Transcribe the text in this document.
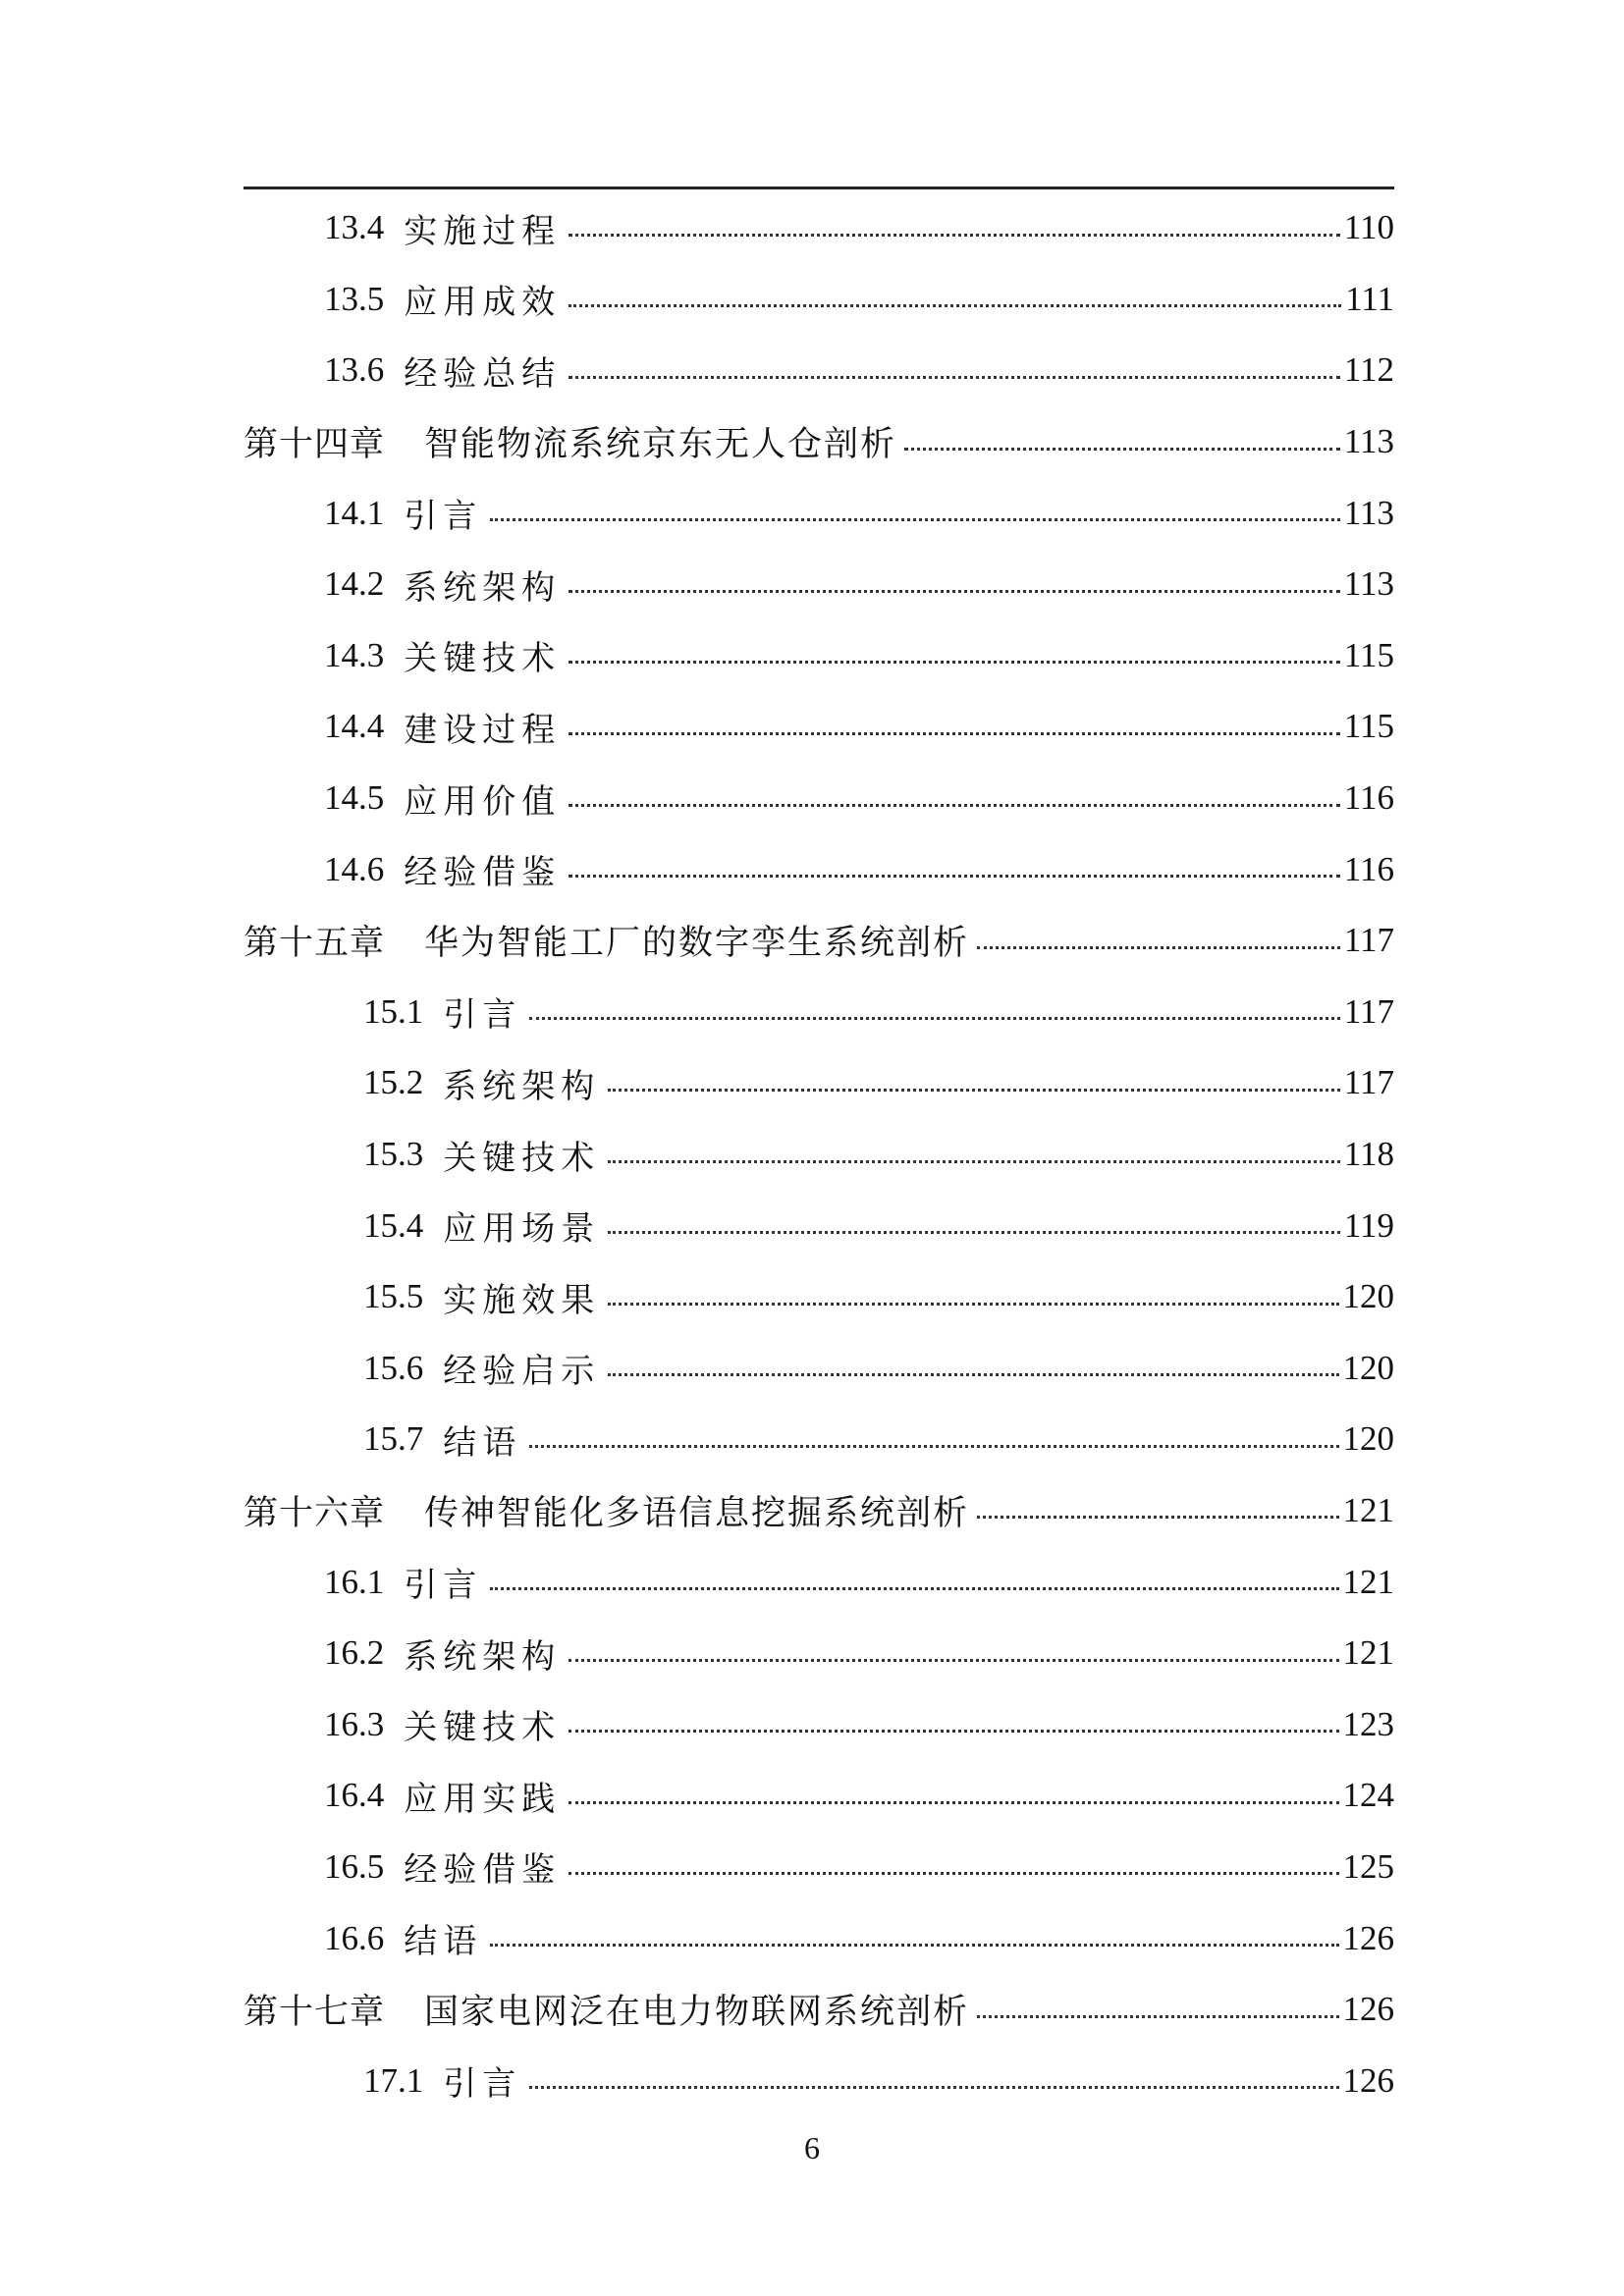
13.4 实施过程	110
13.5 应用成效	111
13.6 经验总结	112
第十四章 智能物流系统京东无人仓剖析	113
14.1 引言	113
14.2 系统架构	113
14.3 关键技术	115
14.4 建设过程	115
14.5 应用价值	116
14.6 经验借鉴	116
第十五章 华为智能工厂的数字孪生系统剖析	117
15.1 引言	117
15.2 系统架构	117
15.3 关键技术	118
15.4 应用场景	119
15.5 实施效果	120
15.6 经验启示	120
15.7 结语	120
第十六章 传神智能化多语信息挖掘系统剖析	121
16.1 引言	121
16.2 系统架构	121
16.3 关键技术	123
16.4 应用实践	124
16.5 经验借鉴	125
16.6 结语	126
第十七章 国家电网泛在电力物联网系统剖析	126
17.1 引言	126
6
